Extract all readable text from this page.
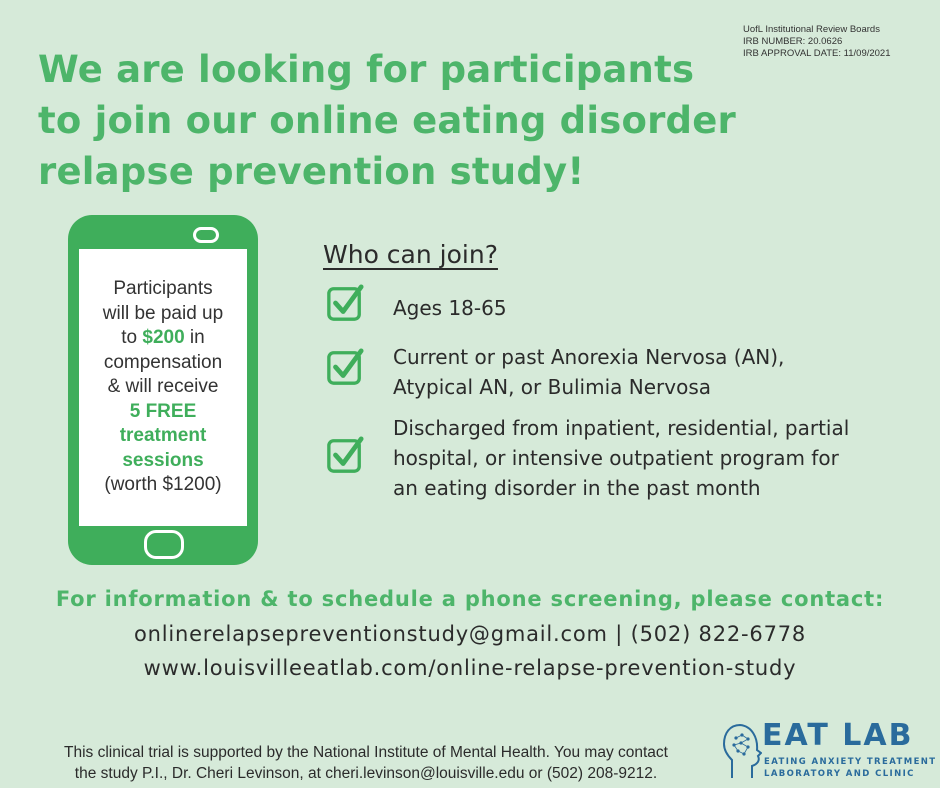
UofL Institutional Review Boards
IRB NUMBER: 20.0626
IRB APPROVAL DATE: 11/09/2021
We are looking for participants
to join our online eating disorder
relapse prevention study!
Participants
will be paid up
to $200 in
compensation
& will receive
5 FREE
treatment
sessions
(worth $1200)
Who can join?
Ages 18-65
Current or past Anorexia Nervosa (AN),
Atypical AN, or Bulimia Nervosa
Discharged from inpatient, residential, partial
hospital, or intensive outpatient program for
an eating disorder in the past month
For information & to schedule a phone screening, please contact:
onlinerelapsepreventionstudy@gmail.com | (502) 822-6778
www.louisvilleeatlab.com/online-relapse-prevention-study
This clinical trial is supported by the National Institute of Mental Health. You may contact
the study P.I., Dr. Cheri Levinson, at cheri.levinson@louisville.edu or (502) 208-9212.
EAT LAB
EATING ANXIETY TREATMENT
LABORATORY AND CLINIC
